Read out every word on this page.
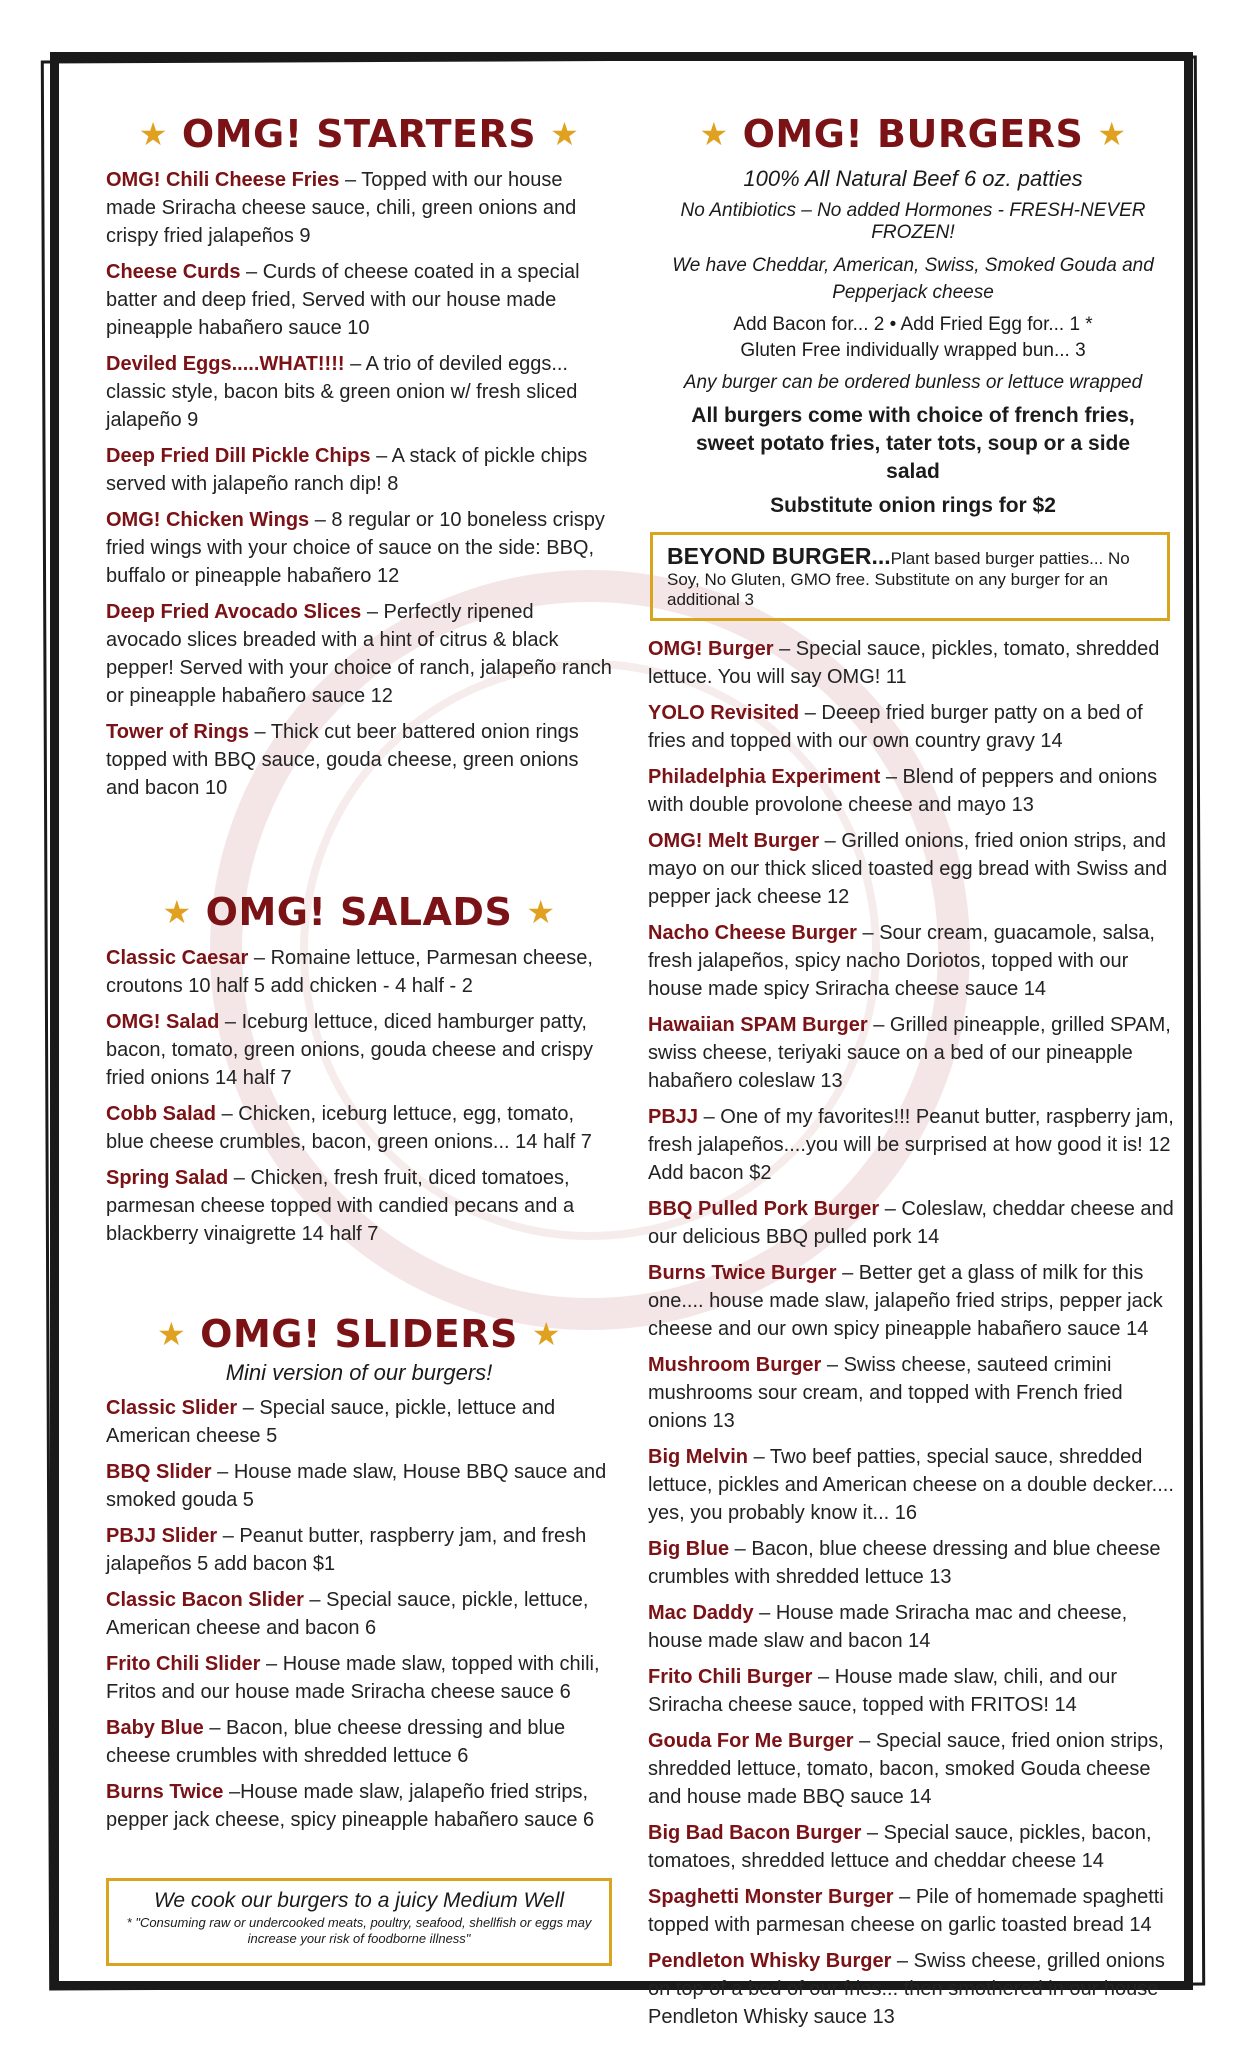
★ OMG! STARTERS ★
OMG! Chili Cheese Fries – Topped with our house made Sriracha cheese sauce, chili, green onions and crispy fried jalapeños 9
Cheese Curds – Curds of cheese coated in a special batter and deep fried, Served with our house made pineapple habañero sauce 10
Deviled Eggs.....WHAT!!!! – A trio of deviled eggs... classic style, bacon bits & green onion w/ fresh sliced jalapeño 9
Deep Fried Dill Pickle Chips – A stack of pickle chips served with jalapeño ranch dip! 8
OMG! Chicken Wings – 8 regular or 10 boneless crispy fried wings with your choice of sauce on the side: BBQ, buffalo or pineapple habañero 12
Deep Fried Avocado Slices – Perfectly ripened avocado slices breaded with a hint of citrus & black pepper! Served with your choice of ranch, jalapeño ranch or pineapple habañero sauce 12
Tower of Rings – Thick cut beer battered onion rings topped with BBQ sauce, gouda cheese, green onions and bacon 10
★ OMG! SALADS ★
Classic Caesar – Romaine lettuce, Parmesan cheese, croutons 10 half 5 add chicken - 4 half - 2
OMG! Salad – Iceburg lettuce, diced hamburger patty, bacon, tomato, green onions, gouda cheese and crispy fried onions 14 half 7
Cobb Salad – Chicken, iceburg lettuce, egg, tomato, blue cheese crumbles, bacon, green onions... 14 half 7
Spring Salad – Chicken, fresh fruit, diced tomatoes, parmesan cheese topped with candied pecans and a blackberry vinaigrette 14 half 7
★ OMG! SLIDERS ★
Mini version of our burgers!
Classic Slider – Special sauce, pickle, lettuce and American cheese 5
BBQ Slider – House made slaw, House BBQ sauce and smoked gouda 5
PBJJ Slider – Peanut butter, raspberry jam, and fresh jalapeños 5 add bacon $1
Classic Bacon Slider – Special sauce, pickle, lettuce, American cheese and bacon 6
Frito Chili Slider – House made slaw, topped with chili, Fritos and our house made Sriracha cheese sauce 6
Baby Blue – Bacon, blue cheese dressing and blue cheese crumbles with shredded lettuce 6
Burns Twice –House made slaw, jalapeño fried strips, pepper jack cheese, spicy pineapple habañero sauce 6
We cook our burgers to a juicy Medium Well
* "Consuming raw or undercooked meats, poultry, seafood, shellfish or eggs may increase your risk of foodborne illness"
★ OMG! BURGERS ★
100% All Natural Beef 6 oz. patties
No Antibiotics – No added Hormones - FRESH-NEVER FROZEN!
We have Cheddar, American, Swiss, Smoked Gouda and Pepperjack cheese
Add Bacon for... 2 • Add Fried Egg for... 1 *
Gluten Free individually wrapped bun... 3
Any burger can be ordered bunless or lettuce wrapped
All burgers come with choice of french fries, sweet potato fries, tater tots, soup or a side salad
Substitute onion rings for $2
BEYOND BURGER...Plant based burger patties... No Soy, No Gluten, GMO free. Substitute on any burger for an additional 3
OMG! Burger – Special sauce, pickles, tomato, shredded lettuce. You will say OMG! 11
YOLO Revisited – Deeep fried burger patty on a bed of fries and topped with our own country gravy 14
Philadelphia Experiment – Blend of peppers and onions with double provolone cheese and mayo 13
OMG! Melt Burger – Grilled onions, fried onion strips, and mayo on our thick sliced toasted egg bread with Swiss and pepper jack cheese 12
Nacho Cheese Burger – Sour cream, guacamole, salsa, fresh jalapeños, spicy nacho Doriotos, topped with our house made spicy Sriracha cheese sauce 14
Hawaiian SPAM Burger – Grilled pineapple, grilled SPAM, swiss cheese, teriyaki sauce on a bed of our pineapple habañero coleslaw 13
PBJJ – One of my favorites!!! Peanut butter, raspberry jam, fresh jalapeños....you will be surprised at how good it is! 12 Add bacon $2
BBQ Pulled Pork Burger – Coleslaw, cheddar cheese and our delicious BBQ pulled pork 14
Burns Twice Burger – Better get a glass of milk for this one.... house made slaw, jalapeño fried strips, pepper jack cheese and our own spicy pineapple habañero sauce 14
Mushroom Burger – Swiss cheese, sauteed crimini mushrooms sour cream, and topped with French fried onions 13
Big Melvin – Two beef patties, special sauce, shredded lettuce, pickles and American cheese on a double decker.... yes, you probably know it... 16
Big Blue – Bacon, blue cheese dressing and blue cheese crumbles with shredded lettuce 13
Mac Daddy – House made Sriracha mac and cheese, house made slaw and bacon 14
Frito Chili Burger – House made slaw, chili, and our Sriracha cheese sauce, topped with FRITOS! 14
Gouda For Me Burger – Special sauce, fried onion strips, shredded lettuce, tomato, bacon, smoked Gouda cheese and house made BBQ sauce 14
Big Bad Bacon Burger – Special sauce, pickles, bacon, tomatoes, shredded lettuce and cheddar cheese 14
Spaghetti Monster Burger – Pile of homemade spaghetti topped with parmesan cheese on garlic toasted bread 14
Pendleton Whisky Burger – Swiss cheese, grilled onions on top of a bed of our fries... then smothered in our house Pendleton Whisky sauce 13
